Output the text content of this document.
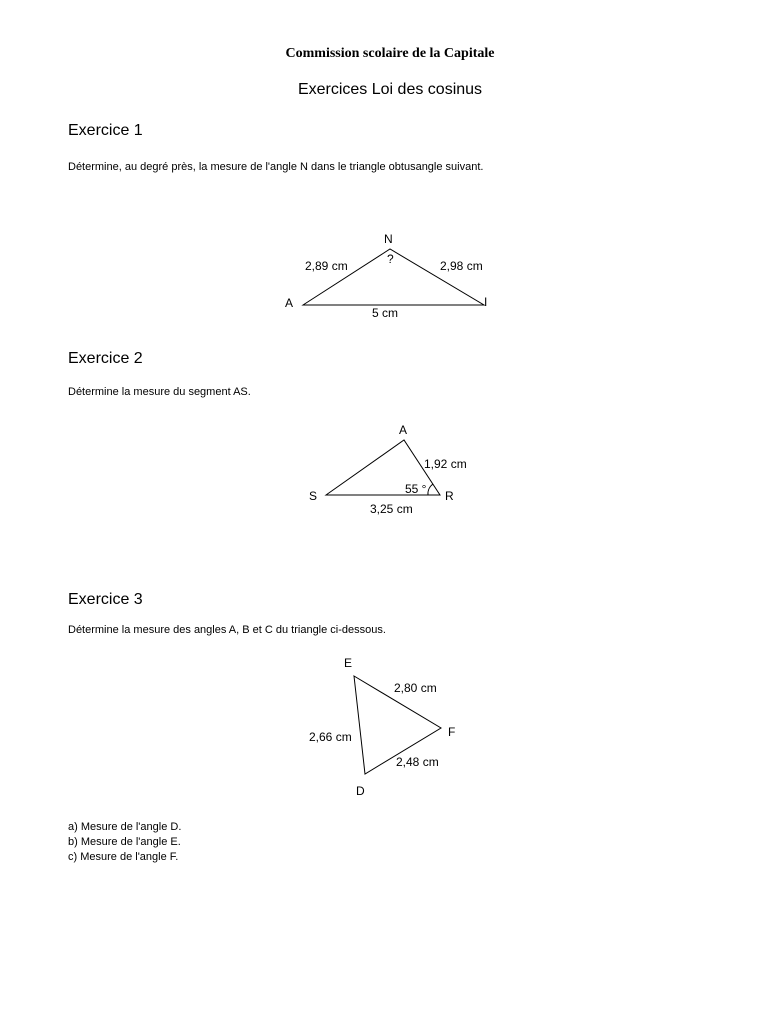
Commission scolaire de la Capitale
Exercices Loi des cosinus
Exercice 1
Détermine, au degré près, la mesure de l'angle N dans le triangle obtusangle suivant.
Exercice 2
Détermine la mesure du segment AS.
Exercice 3
Détermine la mesure des angles A, B et C du triangle ci-dessous.
N
A	I
2,89 cm	2,98 cm
5 cm
?
A
S	R
1,92 cm
3,25 cm
55 °
E
F
D
2,80 cm
2,66 cm
2,48 cm
a) Mesure de l'angle D.
b) Mesure de l'angle E.
c) Mesure de l'angle F.
